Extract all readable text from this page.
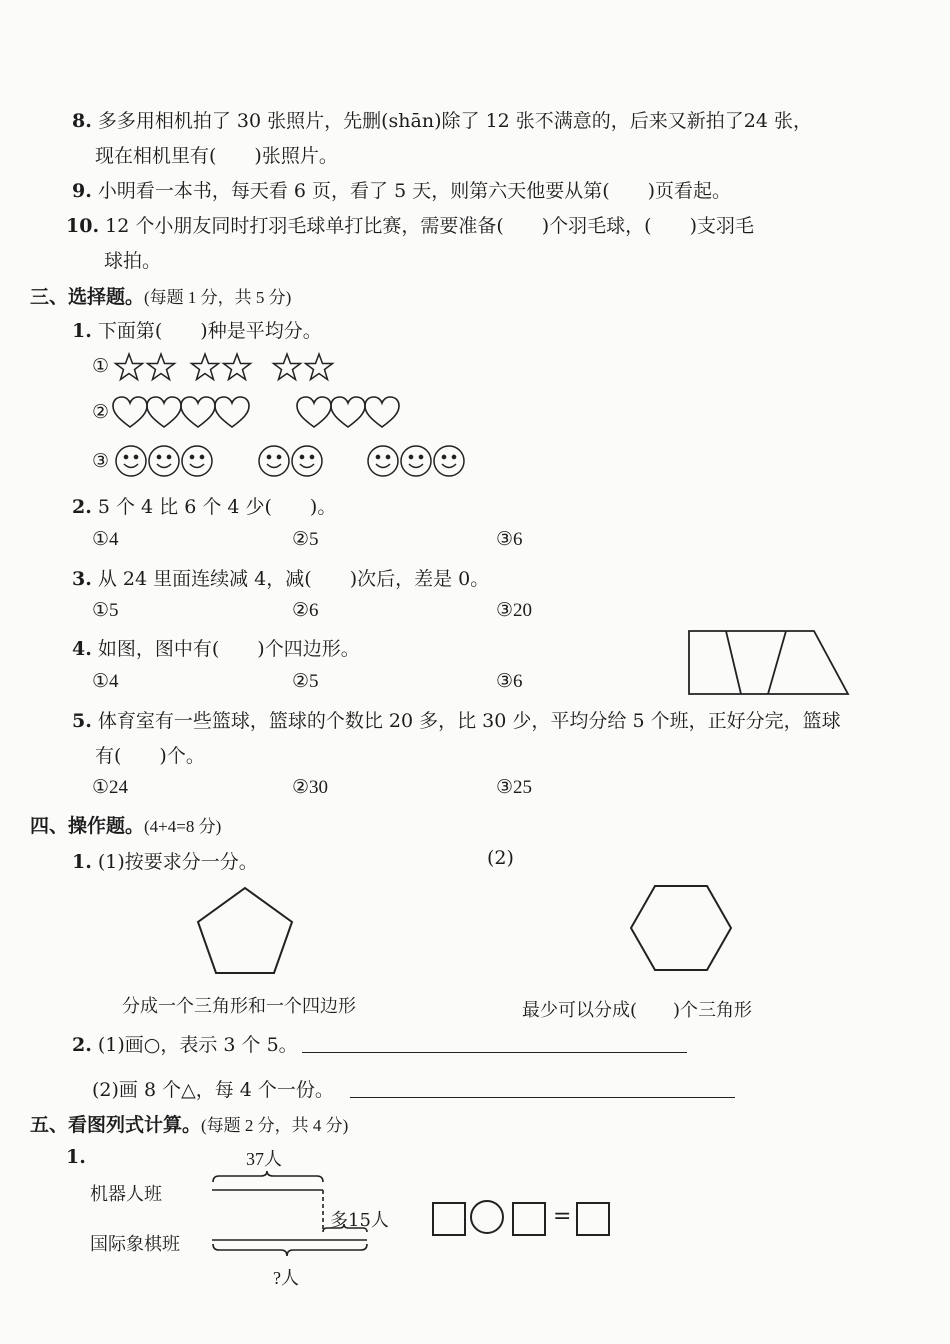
8. 多多用相机拍了 30 张照片，先删(shān)除了 12 张不满意的，后来又新拍了24 张，
现在相机里有(　　)张照片。
9. 小明看一本书，每天看 6 页，看了 5 天，则第六天他要从第(　　)页看起。
10. 12 个小朋友同时打羽毛球单打比赛，需要准备(　　)个羽毛球，(　　)支羽毛
球拍。
三、选择题。(每题 1 分，共 5 分)
1. 下面第(　　)种是平均分。
①
②
③
2. 5 个 4 比 6 个 4 少(　　)。
①4	②5	③6
3. 从 24 里面连续减 4，减(　　)次后，差是 0。
①5	②6	③20
4. 如图，图中有(　　)个四边形。
①4	②5	③6
5. 体育室有一些篮球，篮球的个数比 20 多，比 30 少，平均分给 5 个班，正好分完，篮球
有(　　)个。
①24	②30	③25
四、操作题。(4+4=8 分)
1. (1)按要求分一分。	(2)
分成一个三角形和一个四边形	最少可以分成(　　)个三角形
2. (1)画○，表示 3 个 5。
(2)画 8 个△，每 4 个一份。
五、看图列式计算。(每题 2 分，共 4 分)
1.	37人
机器人班
国际象棋班
多15人
?人
=
